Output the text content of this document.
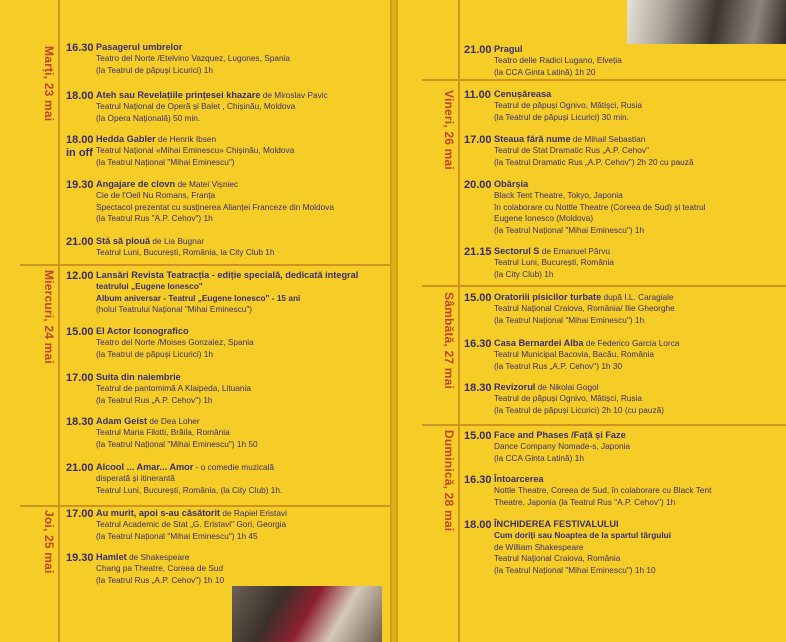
Marți, 23 mai
Miercuri, 24 mai
Joi, 25 mai
16.30 Pasagerul umbrelor
Teatro del Norte /Etelvino Vazquez, Lugones, Spania
(la Teatrul de păpuși Licurici) 1h
18.00 Ateh sau Revelațiile prințesei khazare de Miroslav Pavic
Teatrul Național de Operă și Balet , Chișinău, Moldova
(la Opera Națională) 50 min.
18.00
in off
Hedda Gabler de Henrik Ibsen
Teatrul Național «Mihai Eminescu» Chișinău, Moldova
(la Teatrul Național "Mihai Eminescu")
19.30 Angajare de clovn de Matei Vișniec
Cie de l'Oeil Nu Romans, Franța
Spectacol prezentat cu susținerea Alianței Franceze din Moldova
(la Teatrul Rus "A.P. Cehov") 1h
21.00 Stă să plouă de Lia Bugnar
Teatrul Luni, București, România, la City Club 1h
12.00 Lansări Revista Teatracția - ediție specială, dedicată integral
teatrului „Eugene Ionesco"
Album aniversar - Teatrul „Eugene Ionesco" - 15 ani
(holul Teatrului Național "Mihai Eminescu")
15.00 El Actor Iconografico
Teatro del Norte /Moises Gonzalez, Spania
(la Teatrul de păpuși Licurici) 1h
17.00 Suita din naiembrie
Teatrul de pantomimă A Klaipeda, Lituania
(la Teatrul Rus „A.P. Cehov") 1h
18.30 Adam Geist de Dea Loher
Teatrul Maria Filotti, Brăila, România
(la Teatrul Național "Mihai Eminescu") 1h 50
21.00 Alcool ... Amar... Amor - o comedie muzicală
disperată și itinerantă
Teatrul Luni, București, România, (la City Club) 1h.
17.00 Au murit, apoi s-au căsătorit de Rapiel Eristavi
Teatrul Academic de Stat „G. Eristavi" Gori, Georgia
(la Teatrul Național "Mihai Eminescu") 1h 45
19.30 Hamlet de Shakespeare
Chang pa Theatre, Coreea de Sud
(la Teatrul Rus „A.P. Cehov") 1h 10
Vineri, 26 mai
Sâmbătă, 27 mai
Duminică, 28 mai
21.00 Pragul
Teatro delle Radici Lugano, Elveția
(la CCA Ginta Latină) 1h 20
11.00 Cenușăreasa
Teatrul de păpuși Ognivo, Mâtișci, Rusia
(la Teatrul de păpuși Licurici) 30 min.
17.00 Steaua fără nume de Mihail Sebastian
Teatrul de Stat Dramatic Rus „A.P. Cehov"
(la Teatrul Dramatic Rus „A.P. Cehov") 2h 20 cu pauză
20.00 Obârșia
Black Tent Theatre, Tokyo, Japonia
în colaborare cu Nottle Theatre (Coreea de Sud) și teatrul
Eugene Ionesco (Moldova)
(la Teatrul Național "Mihai Eminescu") 1h
21.15 Sectorul S de Emanuel Pârvu
Teatrul Luni, București, România
(la City Club) 1h
15.00 Oratoriii pisicilor turbate după I.L. Caragiale
Teatrul Național Craiova, România/ Ilie Gheorghe
(la Teatrul Național "Mihai Eminescu") 1h
16.30 Casa Bernardei Alba de Federico Garcia Lorca
Teatrul Municipal Bacovia, Bacău, România
(la Teatrul Rus „A.P. Cehov") 1h 30
18.30 Revizorul de Nikolai Gogol
Teatrul de păpuși Ognivo, Mâtișci, Rusia
(la Teatrul de păpuși Licurici) 2h 10 (cu pauză)
15.00 Face and Phases /Față și Faze
Dance Company Nomade-s, Japonia
(la CCA Ginta Latină) 1h
16.30 Întoarcerea
Nottle Theatre, Coreea de Sud, în colaborare cu Black Tent
Theatre, Japonia (la Teatrul Rus "A.P. Cehov") 1h
18.00 ÎNCHIDEREA FESTIVALULUI
Cum doriți sau Noaptea de la spartul târgului
de William Shakespeare
Teatrul Național Craiova, România
(la Teatrul Național "Mihai Eminescu") 1h 10
